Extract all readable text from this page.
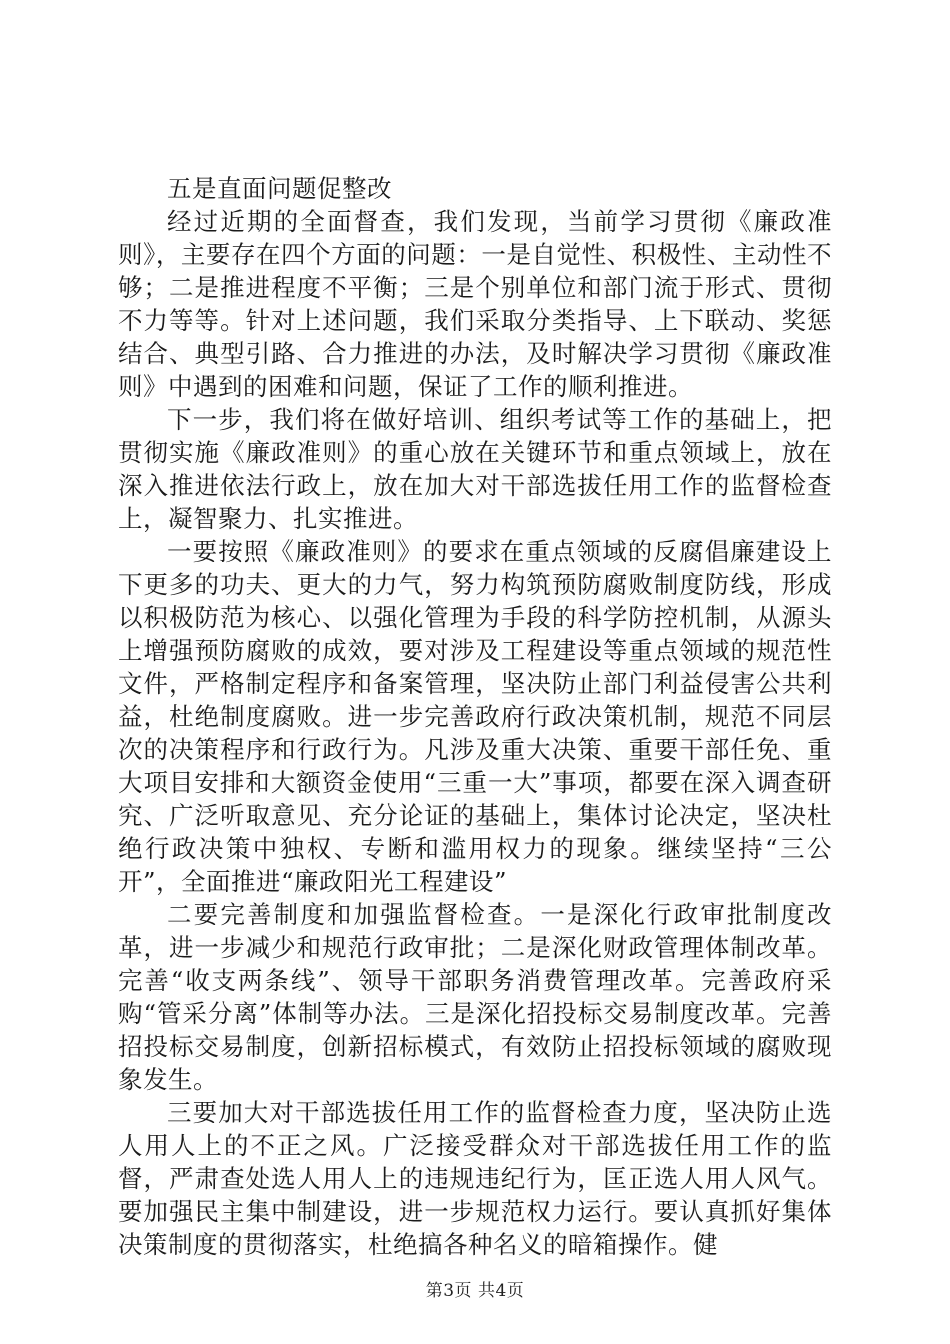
五是直面问题促整改

经过近期的全面督查，我们发现，当前学习贯彻《廉政准则》，主要存在四个方面的问题：一是自觉性、积极性、主动性不够；二是推进程度不平衡；三是个别单位和部门流于形式、贯彻不力等等。针对上述问题，我们采取分类指导、上下联动、奖惩结合、典型引路、合力推进的办法，及时解决学习贯彻《廉政准则》中遇到的困难和问题，保证了工作的顺利推进。

下一步，我们将在做好培训、组织考试等工作的基础上，把贯彻实施《廉政准则》的重心放在关键环节和重点领域上，放在深入推进依法行政上，放在加大对干部选拔任用工作的监督检查上，凝智聚力、扎实推进。

一要按照《廉政准则》的要求在重点领域的反腐倡廉建设上下更多的功夫、更大的力气，努力构筑预防腐败制度防线，形成以积极防范为核心、以强化管理为手段的科学防控机制，从源头上增强预防腐败的成效，要对涉及工程建设等重点领域的规范性文件，严格制定程序和备案管理，坚决防止部门利益侵害公共利益，杜绝制度腐败。进一步完善政府行政决策机制，规范不同层次的决策程序和行政行为。凡涉及重大决策、重要干部任免、重大项目安排和大额资金使用“三重一大”事项，都要在深入调查研究、广泛听取意见、充分论证的基础上，集体讨论决定，坚决杜绝行政决策中独权、专断和滥用权力的现象。继续坚持“三公开”，全面推进“廉政阳光工程建设”

二要完善制度和加强监督检查。一是深化行政审批制度改革，进一步减少和规范行政审批；二是深化财政管理体制改革。完善“收支两条线”、领导干部职务消费管理改革。完善政府采购“管采分离”体制等办法。三是深化招投标交易制度改革。完善招投标交易制度，创新招标模式，有效防止招投标领域的腐败现象发生。

三要加大对干部选拔任用工作的监督检查力度，坚决防止选人用人上的不正之风。广泛接受群众对干部选拔任用工作的监督，严肃查处选人用人上的违规违纪行为，匡正选人用人风气。要加强民主集中制建设，进一步规范权力运行。要认真抓好集体决策制度的贯彻落实，杜绝搞各种名义的暗箱操作。健

第3页 共4页
